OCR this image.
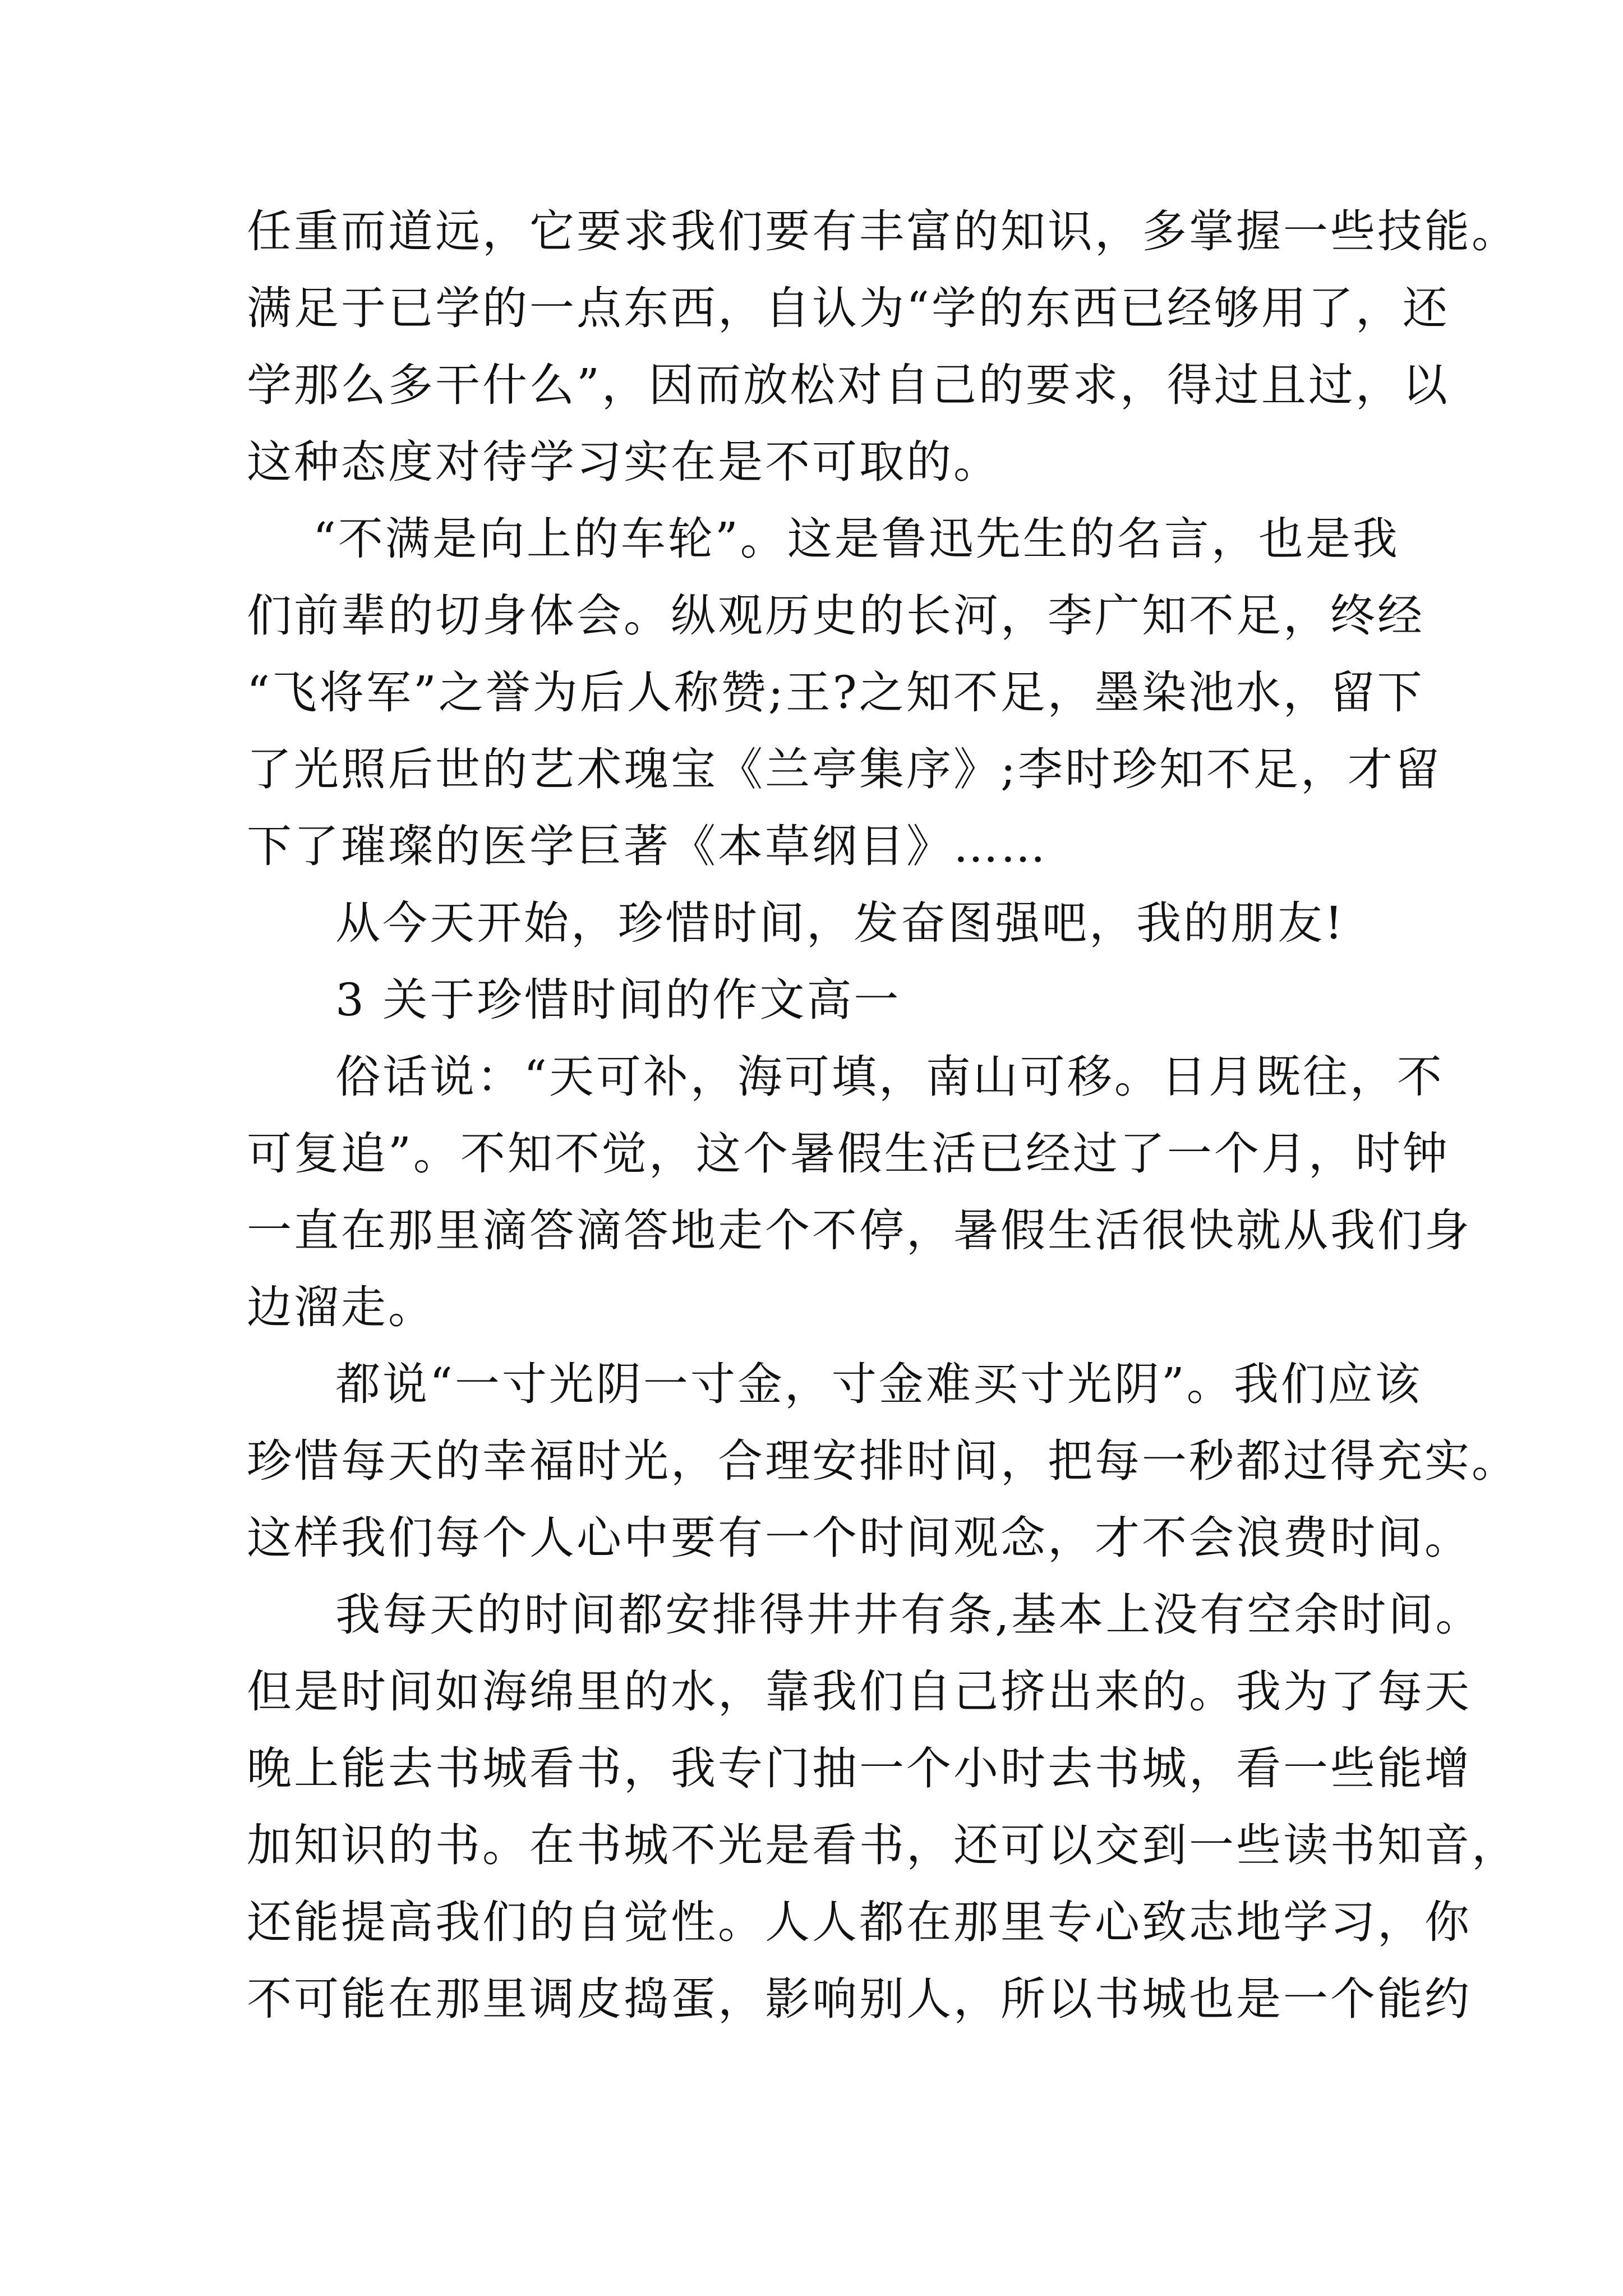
任重而道远，它要求我们要有丰富的知识，多掌握一些技能。
满足于已学的一点东西，自认为“学的东西已经够用了，还
学那么多干什么”，因而放松对自己的要求，得过且过，以
这种态度对待学习实在是不可取的。
“不满是向上的车轮”。这是鲁迅先生的名言，也是我
们前辈的切身体会。纵观历史的长河，李广知不足，终经
“飞将军”之誉为后人称赞;王?之知不足，墨染池水，留下
了光照后世的艺术瑰宝《兰亭集序》;李时珍知不足，才留
下了璀璨的医学巨著《本草纲目》……
从今天开始，珍惜时间，发奋图强吧，我的朋友!
3 关于珍惜时间的作文高一
俗话说：“天可补，海可填，南山可移。日月既往，不
可复追”。不知不觉，这个暑假生活已经过了一个月，时钟
一直在那里滴答滴答地走个不停，暑假生活很快就从我们身
边溜走。
都说“一寸光阴一寸金，寸金难买寸光阴”。我们应该
珍惜每天的幸福时光，合理安排时间，把每一秒都过得充实。
这样我们每个人心中要有一个时间观念，才不会浪费时间。
我每天的时间都安排得井井有条,基本上没有空余时间。
但是时间如海绵里的水，靠我们自己挤出来的。我为了每天
晚上能去书城看书，我专门抽一个小时去书城，看一些能增
加知识的书。在书城不光是看书，还可以交到一些读书知音，
还能提高我们的自觉性。人人都在那里专心致志地学习，你
不可能在那里调皮捣蛋，影响别人，所以书城也是一个能约
